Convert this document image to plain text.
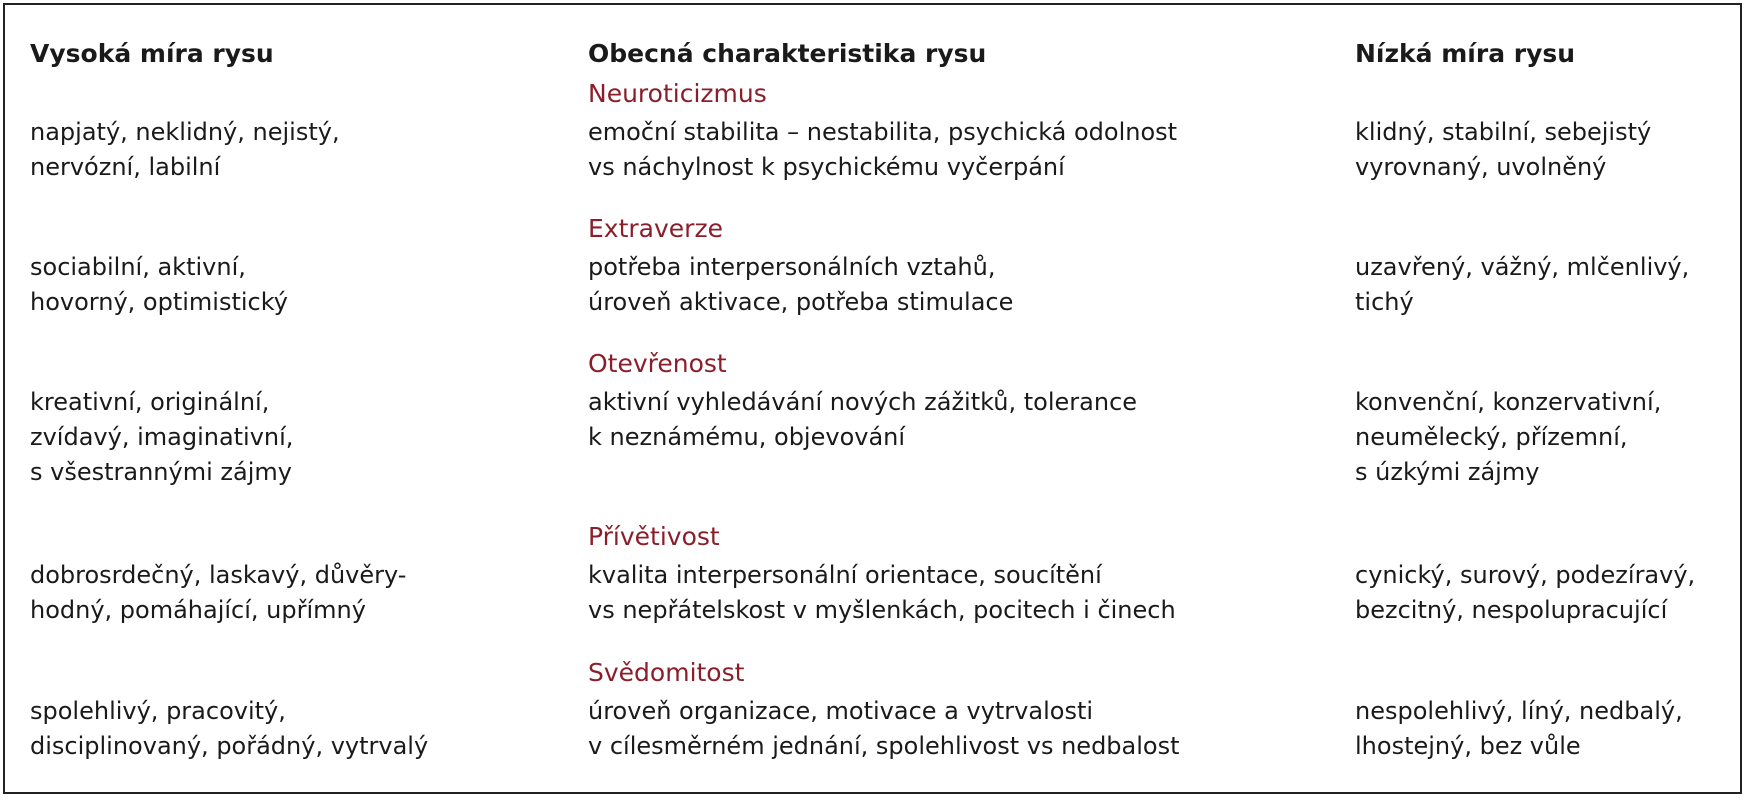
Vysoká míra rysu	Obecná charakteristika rysu	Nízká míra rysu
Neuroticizmus
napjatý, neklidný, nejistý,
nervózní, labilní
emoční stabilita – nestabilita, psychická odolnost
vs náchylnost k psychickému vyčerpání
klidný, stabilní, sebejistý
vyrovnaný, uvolněný
Extraverze
sociabilní, aktivní,
hovorný, optimistický
potřeba interpersonálních vztahů,
úroveň aktivace, potřeba stimulace
uzavřený, vážný, mlčenlivý,
tichý
Otevřenost
kreativní, originální,
zvídavý, imaginativní,
s všestrannými zájmy
aktivní vyhledávání nových zážitků, tolerance
k neznámému, objevování
konvenční, konzervativní,
neumělecký, přízemní,
s úzkými zájmy
Přívětivost
dobrosrdečný, laskavý, důvěry-
hodný, pomáhající, upřímný
kvalita interpersonální orientace, soucítění
vs nepřátelskost v myšlenkách, pocitech i činech
cynický, surový, podezíravý,
bezcitný, nespolupracující
Svědomitost
spolehlivý, pracovitý,
disciplinovaný, pořádný, vytrvalý
úroveň organizace, motivace a vytrvalosti
v cílesměrném jednání, spolehlivost vs nedbalost
nespolehlivý, líný, nedbalý,
lhostejný, bez vůle
